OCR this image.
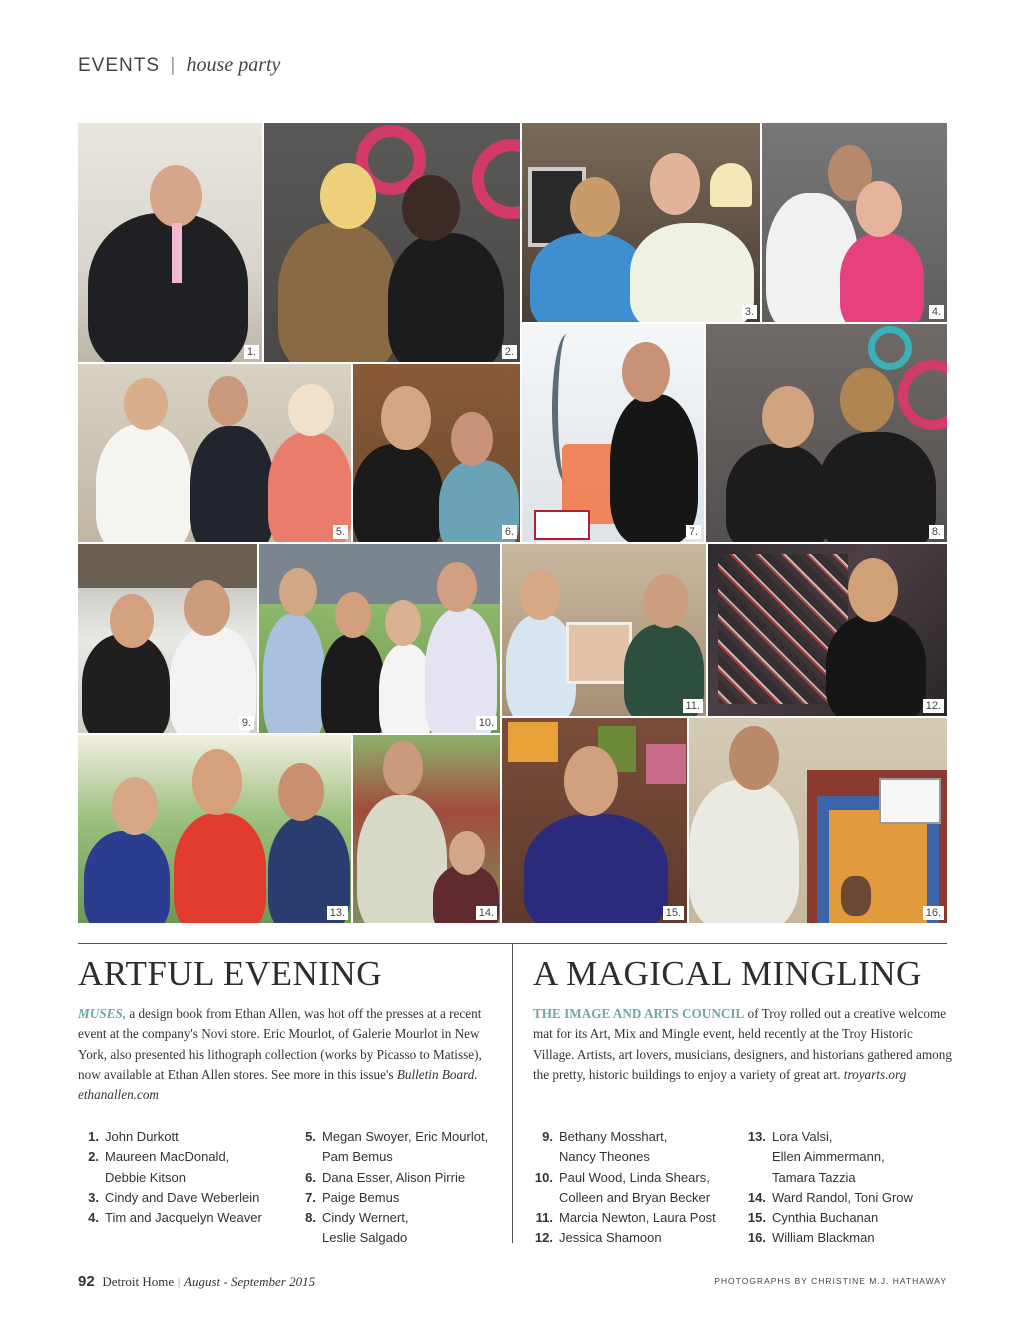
EVENTS | house party
1.	2.
3.	4.
5.	6.	7.	8.
9.	10.
11.	12.
13.	14.	15.	16.
ARTFUL EVENING
MUSES, a design book from Ethan Allen, was hot off the presses at a recent event at the company's Novi store. Eric Mourlot, of Galerie Mourlot in New York, also presented his lithograph collection (works by Picasso to Matisse), now available at Ethan Allen stores. See more in this issue's Bulletin Board. ethanallen.com
1. John Durkott
2. Maureen MacDonald,
Debbie Kitson
3. Cindy and Dave Weberlein
4. Tim and Jacquelyn Weaver
5. Megan Swoyer, Eric Mourlot,
Pam Bemus
6. Dana Esser, Alison Pirrie
7. Paige Bemus
8. Cindy Wernert,
Leslie Salgado
A MAGICAL MINGLING
THE IMAGE AND ARTS COUNCIL of Troy rolled out a creative welcome mat for its Art, Mix and Mingle event, held recently at the Troy Historic Village. Artists, art lovers, musicians, designers, and historians gathered among the pretty, historic buildings to enjoy a variety of great art. troyarts.org
9. Bethany Mosshart,
Nancy Theones
10. Paul Wood, Linda Shears,
Colleen and Bryan Becker
11. Marcia Newton, Laura Post
12. Jessica Shamoon
13. Lora Valsi,
Ellen Aimmermann,
Tamara Tazzia
14. Ward Randol, Toni Grow
15. Cynthia Buchanan
16. William Blackman
92 Detroit Home | August - September 2015	PHOTOGRAPHS BY CHRISTINE M.J. HATHAWAY
